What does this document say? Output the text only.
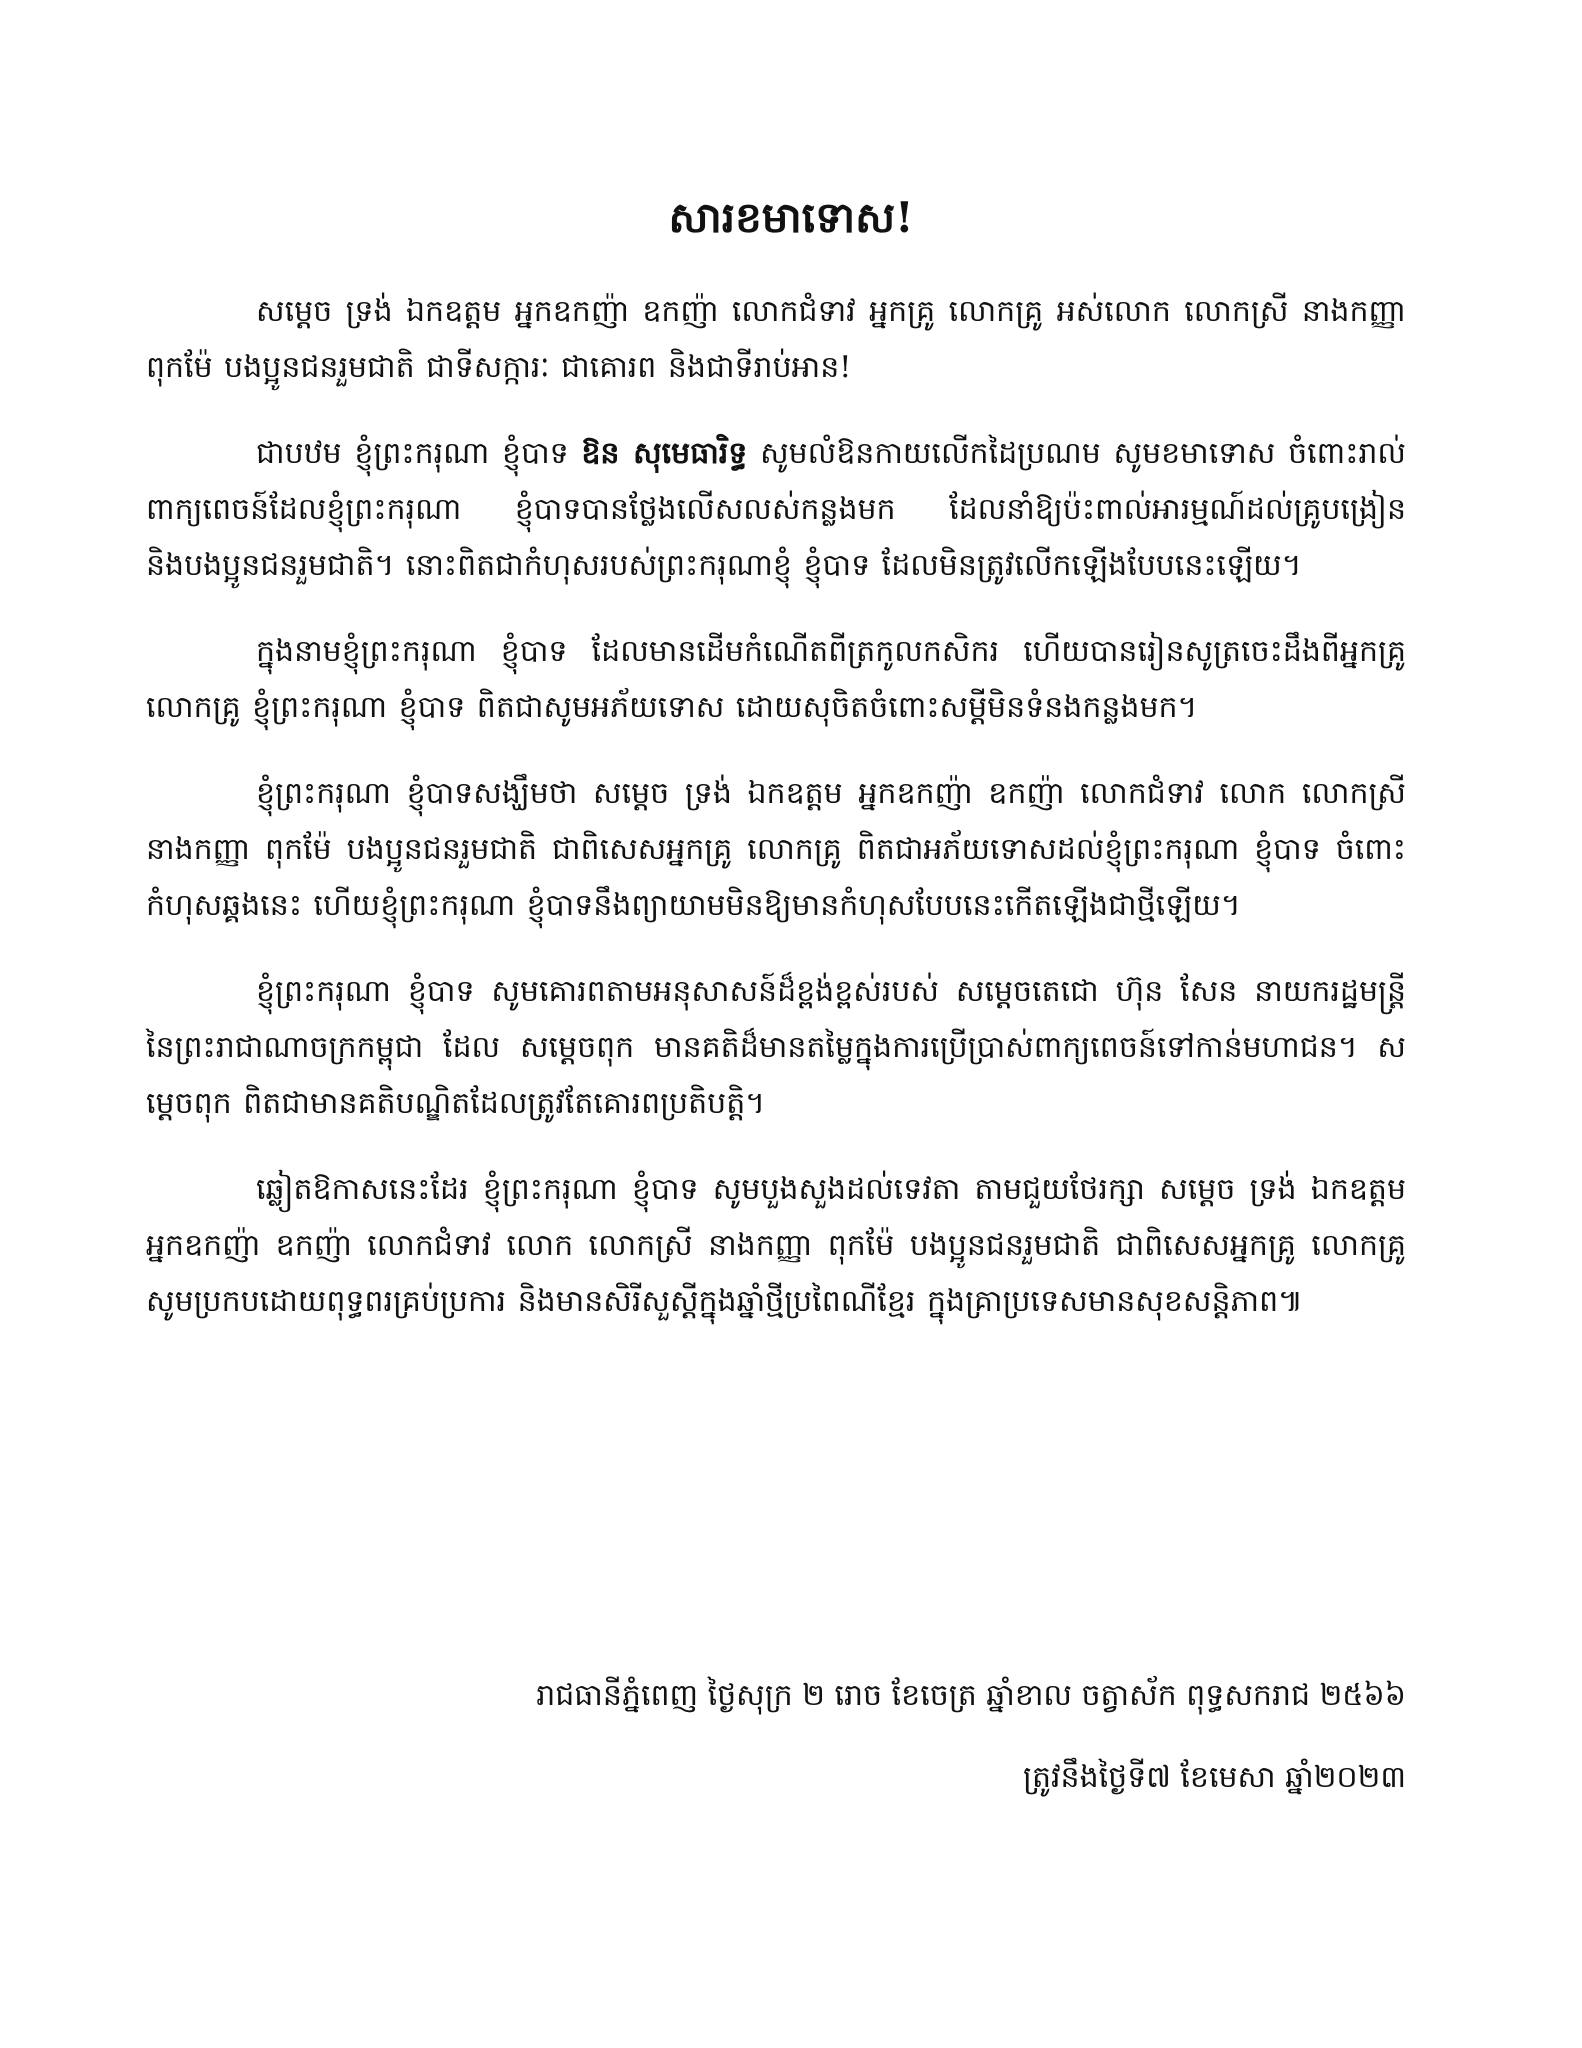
សារខមាទោស!

សម្តេច ទ្រង់ ឯកឧត្តម អ្នកឧកញ៉ា ឧកញ៉ា លោកជំទាវ អ្នកគ្រូ លោកគ្រូ អស់លោក លោកស្រី នាងកញ្ញា ពុកម៉ែ បងប្អូនជនរួមជាតិ ជាទីសក្ការៈ ជាគោរព និងជាទីរាប់អាន!

ជាបឋម ខ្ញុំព្រះករុណា ខ្ញុំបាទ ឱន សុមេធារិទ្ធ សូមលំឱនកាយលើកដៃប្រណម សូមខមាទោស ចំពោះរាល់ពាក្យពេចន៍ដែលខ្ញុំព្រះករុណា ខ្ញុំបាទបានថ្លែងលើសលស់កន្លងមក ដែលនាំឱ្យប៉ះពាល់អារម្មណ៍ដល់គ្រូបង្រៀន និងបងប្អូនជនរួមជាតិ។ នោះពិតជាកំហុសរបស់ព្រះករុណាខ្ញុំ ខ្ញុំបាទ ដែលមិនត្រូវលើកឡើងបែបនេះឡើយ។

ក្នុងនាមខ្ញុំព្រះករុណា ខ្ញុំបាទ ដែលមានដើមកំណើតពីត្រកូលកសិករ ហើយបានរៀនសូត្រចេះដឹងពីអ្នកគ្រូ លោកគ្រូ ខ្ញុំព្រះករុណា ខ្ញុំបាទ ពិតជាសូមអភ័យទោស ដោយសុចិតចំពោះសម្តីមិនទំនងកន្លងមក។

ខ្ញុំព្រះករុណា ខ្ញុំបាទសង្ឃឹមថា សម្តេច ទ្រង់ ឯកឧត្តម អ្នកឧកញ៉ា ឧកញ៉ា លោកជំទាវ លោក លោកស្រី នាងកញ្ញា ពុកម៉ែ បងប្អូនជនរួមជាតិ ជាពិសេសអ្នកគ្រូ លោកគ្រូ ពិតជាអភ័យទោសដល់ខ្ញុំព្រះករុណា ខ្ញុំបាទ ចំពោះកំហុសឆ្គងនេះ ហើយខ្ញុំព្រះករុណា ខ្ញុំបាទនឹងព្យាយាមមិនឱ្យមានកំហុសបែបនេះកើតឡើងជាថ្មីឡើយ។

ខ្ញុំព្រះករុណា ខ្ញុំបាទ សូមគោរពតាមអនុសាសន៍ដ៏ខ្ពង់ខ្ពស់របស់ សម្តេចតេជោ ហ៊ុន សែន នាយករដ្ឋមន្ត្រី នៃព្រះរាជាណាចក្រកម្ពុជា ដែល សម្តេចពុក មានគតិដ៏មានតម្លៃក្នុងការប្រើប្រាស់ពាក្យពេចន៍ទៅកាន់មហាជន។ សម្តេចពុក ពិតជាមានគតិបណ្ឌិតដែលត្រូវតែគោរពប្រតិបត្តិ។

ឆ្លៀតឱកាសនេះដែរ ខ្ញុំព្រះករុណា ខ្ញុំបាទ សូមបួងសួងដល់ទេវតា តាមជួយថែរក្សា សម្តេច ទ្រង់ ឯកឧត្តម អ្នកឧកញ៉ា ឧកញ៉ា លោកជំទាវ លោក លោកស្រី នាងកញ្ញា ពុកម៉ែ បងប្អូនជនរួមជាតិ ជាពិសេសអ្នកគ្រូ លោកគ្រូ សូមប្រកបដោយពុទ្ធពរគ្រប់ប្រការ និងមានសិរីសួស្តីក្នុងឆ្នាំថ្មីប្រពៃណីខ្មែរ ក្នុងគ្រាប្រទេសមានសុខសន្តិភាព៕

រាជធានីភ្នំពេញ ថ្ងៃសុក្រ ២ រោច ខែចេត្រ ឆ្នាំខាល ចត្វាស័ក ពុទ្ធសករាជ ២៥៦៦
ត្រូវនឹងថ្ងៃទី៧ ខែមេសា ឆ្នាំ២០២៣
